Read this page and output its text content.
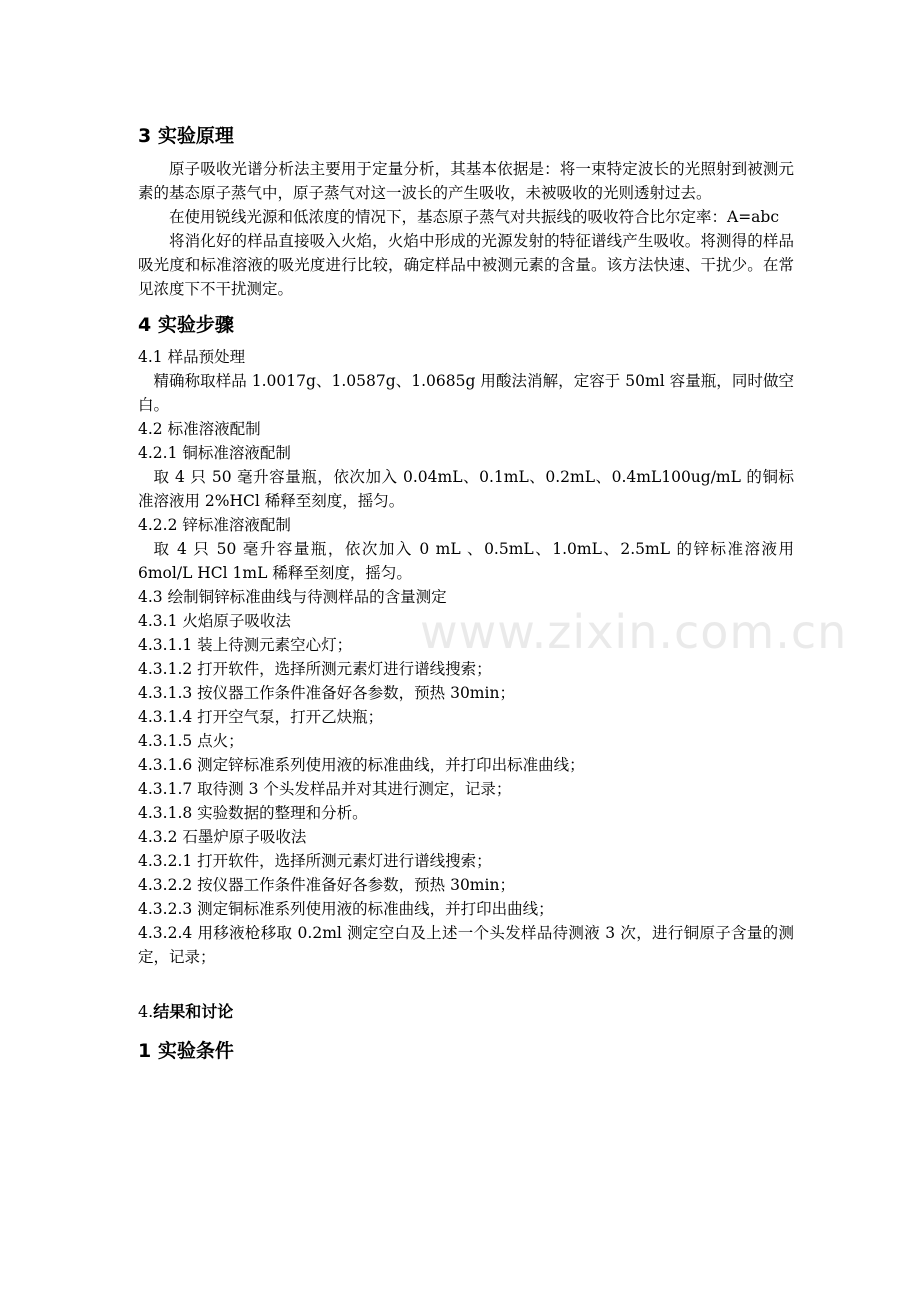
www.zixin.com.cn
3 实验原理

原子吸收光谱分析法主要用于定量分析，其基本依据是：将一束特定波长的光照射到被测元素的基态原子蒸气中，原子蒸气对这一波长的产生吸收，未被吸收的光则透射过去。

在使用锐线光源和低浓度的情况下，基态原子蒸气对共振线的吸收符合比尔定率：A=abc

将消化好的样品直接吸入火焰，火焰中形成的光源发射的特征谱线产生吸收。将测得的样品吸光度和标准溶液的吸光度进行比较，确定样品中被测元素的含量。该方法快速、干扰少。在常见浓度下不干扰测定。

4 实验步骤

4.1 样品预处理

精确称取样品 1.0017g、1.0587g、1.0685g 用酸法消解，定容于 50ml 容量瓶，同时做空白。

4.2 标准溶液配制

4.2.1 铜标准溶液配制

取 4 只 50 毫升容量瓶，依次加入 0.04mL、0.1mL、0.2mL、0.4mL100ug/mL 的铜标准溶液用 2%HCl 稀释至刻度，摇匀。

4.2.2 锌标准溶液配制

取 4 只 50 毫升容量瓶，依次加入 0 mL 、0.5mL、1.0mL、2.5mL 的锌标准溶液用 6mol/L HCl 1mL 稀释至刻度，摇匀。

4.3 绘制铜锌标准曲线与待测样品的含量测定

4.3.1 火焰原子吸收法

4.3.1.1 装上待测元素空心灯；

4.3.1.2 打开软件，选择所测元素灯进行谱线搜索；

4.3.1.3 按仪器工作条件准备好各参数，预热 30min；

4.3.1.4 打开空气泵，打开乙炔瓶；

4.3.1.5 点火；

4.3.1.6 测定锌标准系列使用液的标准曲线，并打印出标准曲线；

4.3.1.7 取待测 3 个头发样品并对其进行测定，记录；

4.3.1.8 实验数据的整理和分析。

4.3.2 石墨炉原子吸收法

4.3.2.1 打开软件，选择所测元素灯进行谱线搜索；

4.3.2.2 按仪器工作条件准备好各参数，预热 30min；

4.3.2.3 测定铜标准系列使用液的标准曲线，并打印出曲线；

4.3.2.4 用移液枪移取 0.2ml 测定空白及上述一个头发样品待测液 3 次，进行铜原子含量的测定，记录；

4.结果和讨论

1 实验条件
